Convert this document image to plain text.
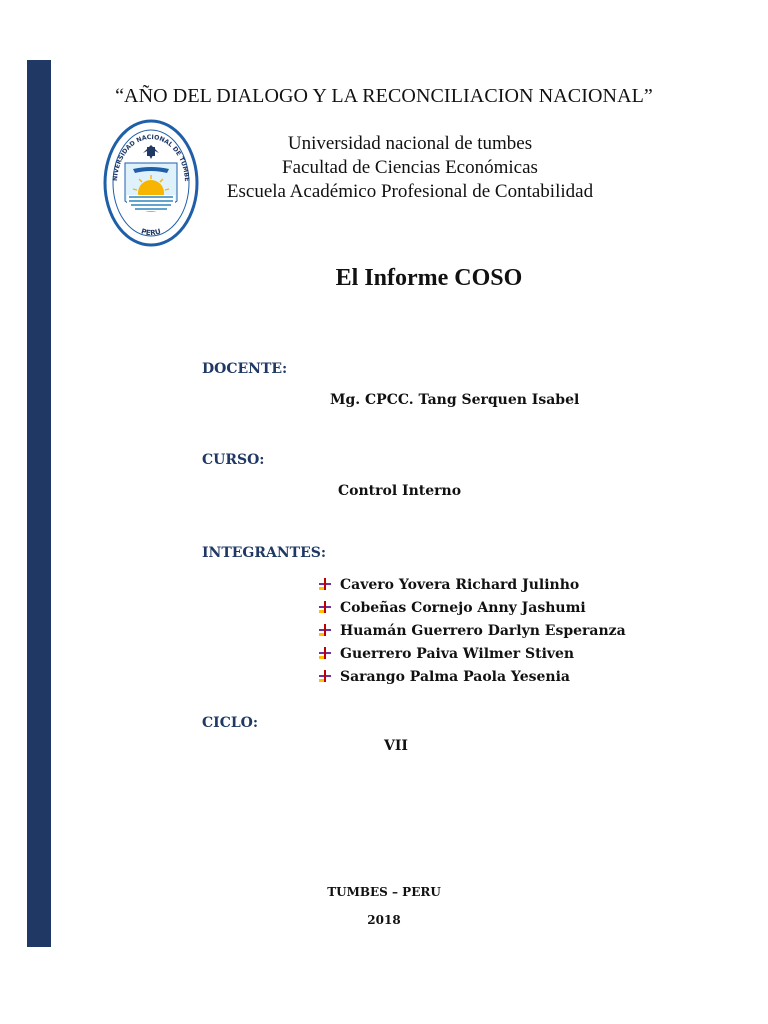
“AÑO DEL DIALOGO Y LA RECONCILIACION NACIONAL”
NIVERSIDAD NACIONAL DE TUMBE
PERU
Universidad nacional de tumbes
Facultad de Ciencias Económicas
Escuela Académico Profesional de Contabilidad
El Informe COSO
DOCENTE:
Mg. CPCC. Tang Serquen Isabel
CURSO:
Control Interno
INTEGRANTES:
Cavero Yovera Richard Julinho
Cobeñas Cornejo Anny Jashumi
Huamán Guerrero Darlyn Esperanza
Guerrero Paiva Wilmer Stiven
Sarango Palma Paola Yesenia
CICLO:
VII
TUMBES – PERU
2018
